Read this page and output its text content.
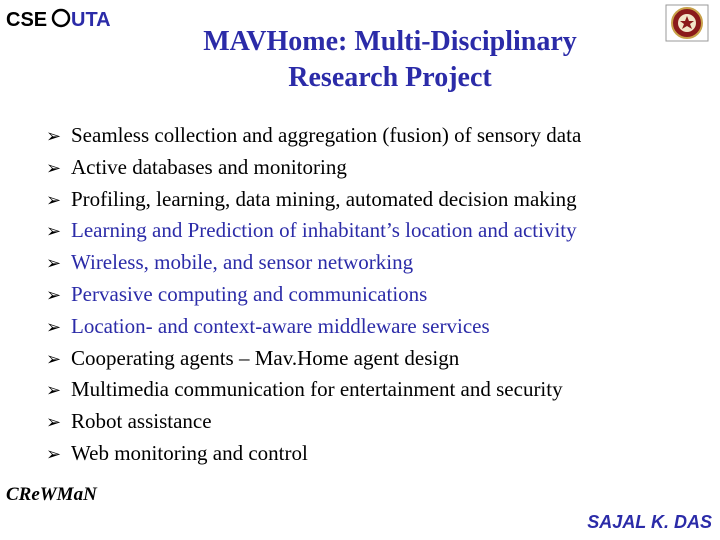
CSE UTA
MAVHome: Multi-Disciplinary
Research Project
➢ Seamless collection and aggregation (fusion) of sensory data
➢ Active databases and monitoring
➢ Profiling, learning, data mining, automated decision making
➢ Learning and Prediction of inhabitant’s location and activity
➢ Wireless, mobile, and sensor networking
➢ Pervasive computing and communications
➢ Location- and context-aware middleware services
➢ Cooperating agents – Mav.Home agent design
➢ Multimedia communication for entertainment and security
➢ Robot assistance
➢ Web monitoring and control
CReWMaN
SAJAL K. DAS
